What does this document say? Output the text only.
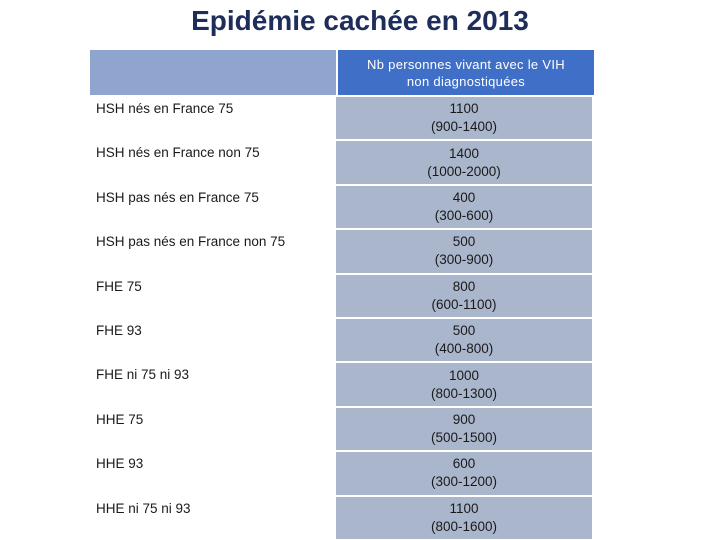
Epidémie cachée en 2013
Nb personnes vivant avec le VIH
non diagnostiquées
HSH nés en France 75	1100
(900-1400)
HSH nés en France non 75	1400
(1000-2000)
HSH pas nés en France 75	400
(300-600)
HSH pas nés en France non 75	500
(300-900)
FHE 75	800
(600-1100)
FHE 93	500
(400-800)
FHE ni 75 ni 93	1000
(800-1300)
HHE 75	900
(500-1500)
HHE 93	600
(300-1200)
HHE ni 75 ni 93	1100
(800-1600)
